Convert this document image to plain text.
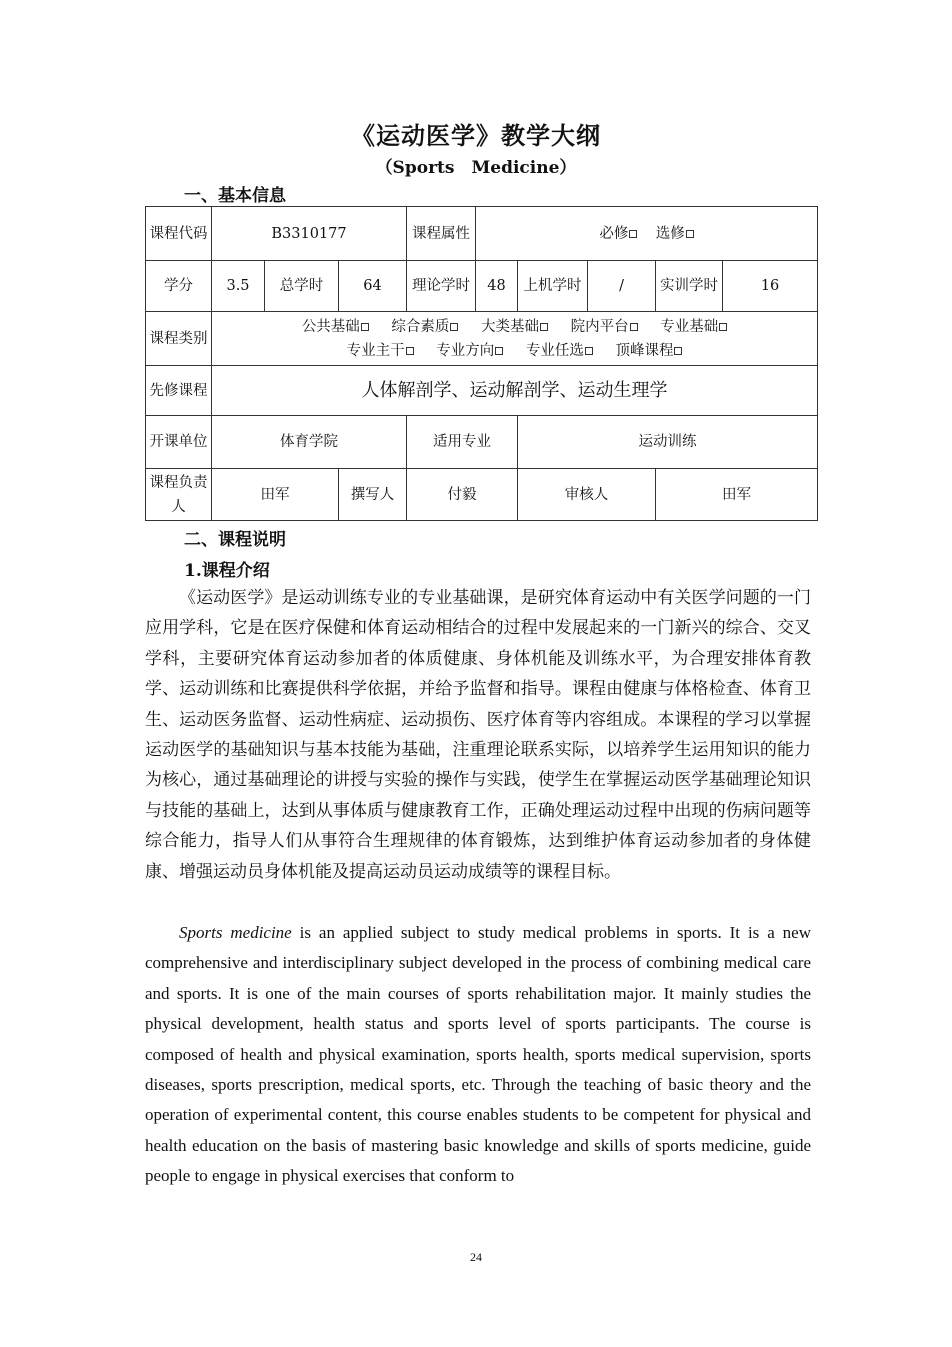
《运动医学》教学大纲
（Sports　Medicine）
一、基本信息
课程代码	B3310177			课程属性	必修 选修				
学分	3.5	总学时	64	理论学时	48	上机学时	/	实训学时	16
课程类别	公共基础 综合素质 大类基础 院内平台 专业基础
专业主干 专业方向 专业任选 顶峰课程								

先修课程	人体解剖学、运动解剖学、运动生理学								
开课单位	体育学院			适用专业		运动训练			
课程负责人	田军		撰写人	付毅		审核人		田军	
二、课程说明
1.课程介绍

《运动医学》是运动训练专业的专业基础课，是研究体育运动中有关医学问题的一门应用学科，它是在医疗保健和体育运动相结合的过程中发展起来的一门新兴的综合、交叉学科，主要研究体育运动参加者的体质健康、身体机能及训练水平，为合理安排体育教学、运动训练和比赛提供科学依据，并给予监督和指导。课程由健康与体格检查、体育卫生、运动医务监督、运动性病症、运动损伤、医疗体育等内容组成。本课程的学习以掌握运动医学的基础知识与基本技能为基础，注重理论联系实际，以培养学生运用知识的能力为核心，通过基础理论的讲授与实验的操作与实践，使学生在掌握运动医学基础理论知识与技能的基础上，达到从事体质与健康教育工作，正确处理运动过程中出现的伤病问题等综合能力，指导人们从事符合生理规律的体育锻炼，达到维护体育运动参加者的身体健康、增强运动员身体机能及提高运动员运动成绩等的课程目标。

Sports medicine is an applied subject to study medical problems in sports. It is a new comprehensive and interdisciplinary subject developed in the process of combining medical care and sports. It is one of the main courses of sports rehabilitation major. It mainly studies the physical development, health status and sports level of sports participants. The course is composed of health and physical examination, sports health, sports medical supervision, sports diseases, sports prescription, medical sports, etc. Through the teaching of basic theory and the operation of experimental content, this course enables students to be competent for physical and health education on the basis of mastering basic knowledge and skills of sports medicine, guide people to engage in physical exercises that conform to

24
